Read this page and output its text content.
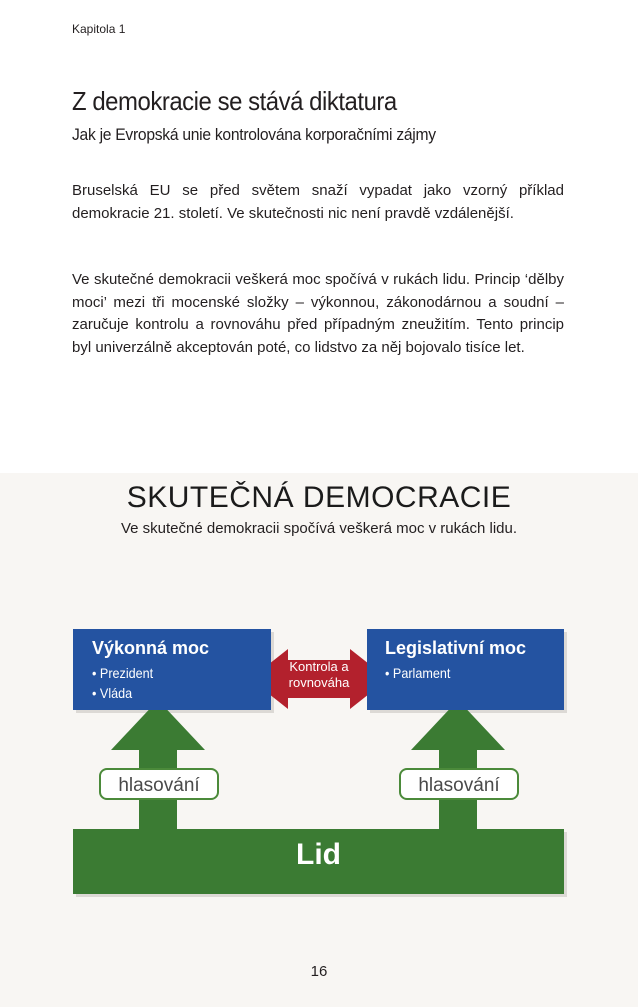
Kapitola 1
Z demokracie se stává diktatura
Jak je Evropská unie kontrolována korporačními zájmy
Bruselská EU se před světem snaží vypadat jako vzorný příklad demokracie 21. století. Ve skutečnosti nic není pravdě vzdálenější.
Ve skutečné demokracii veškerá moc spočívá v rukách lidu. Princip ‘dělby moci’ mezi tři mocenské složky – výkonnou, zákonodárnou a soudní – zaručuje kontrolu a rovnováhu před případným zneužitím. Tento princip byl univerzálně akceptován poté, co lidstvo za něj bojovalo tisíce let.
SKUTEČNÁ DEMOCRACIE
Ve skutečné demokracii spočívá veškerá moc v rukách lidu.
Výkonná moc
• Prezident
• Vláda
Legislativní moc
• Parlament
Kontrola a
rovnováha
hlasování	hlasování
Lid
16
